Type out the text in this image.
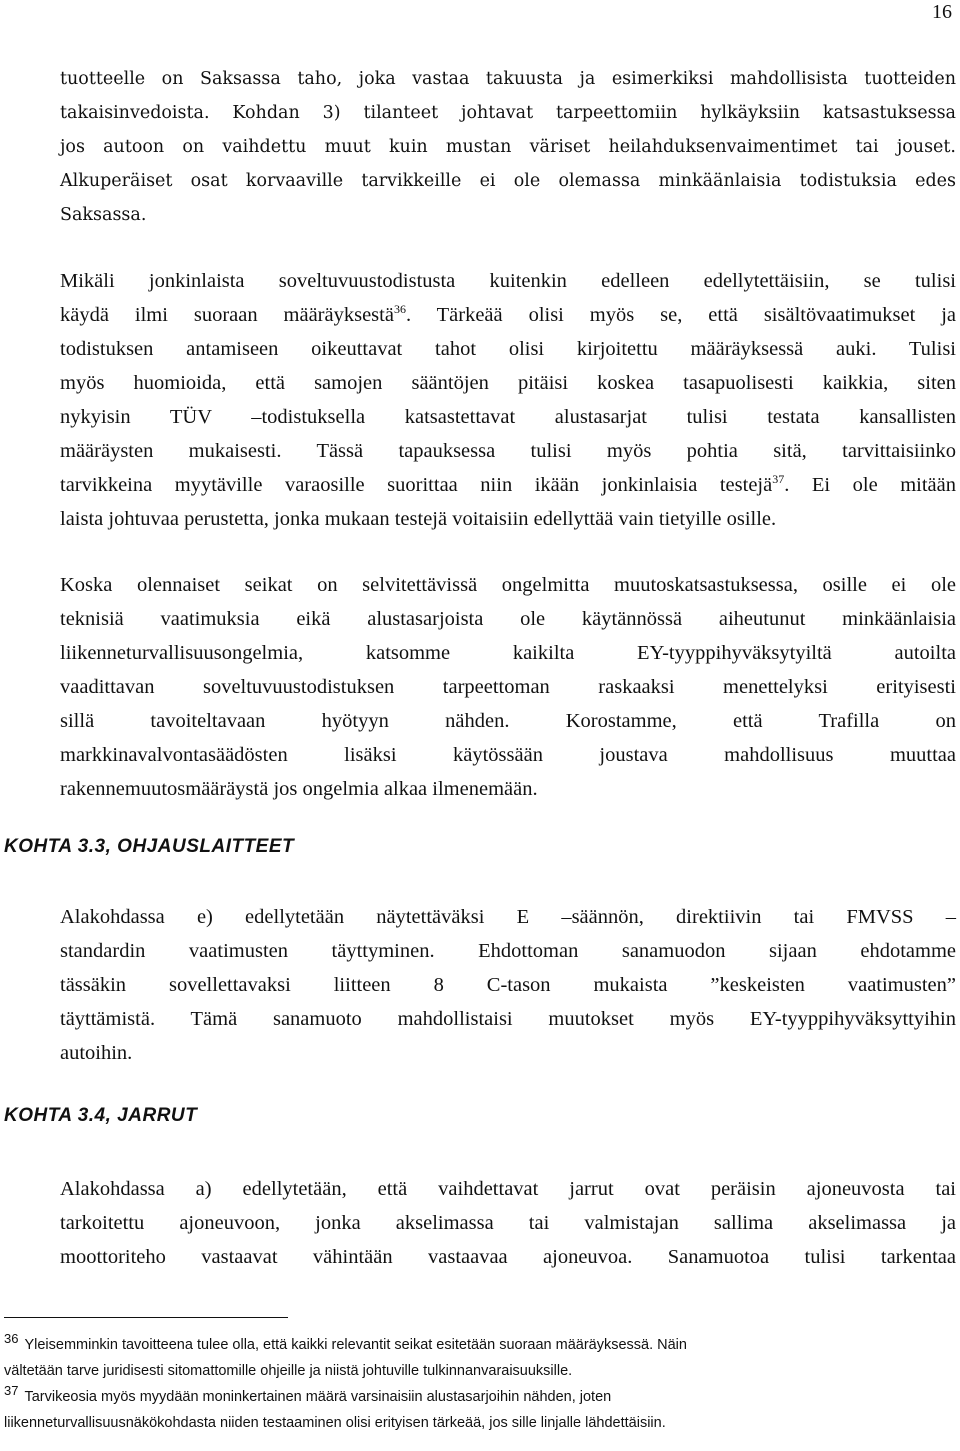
16
tuotteelle on Saksassa taho, joka vastaa takuusta ja esimerkiksi mahdollisista tuotteiden
takaisinvedoista. Kohdan 3) tilanteet johtavat tarpeettomiin hylkäyksiin katsastuksessa
jos autoon on vaihdettu muut kuin mustan väriset heilahduksenvaimentimet tai jouset.
Alkuperäiset osat korvaaville tarvikkeille ei ole olemassa minkäänlaisia todistuksia edes
Saksassa.
Mikäli jonkinlaista soveltuvuustodistusta kuitenkin edelleen edellytettäisiin, se tulisi
käydä ilmi suoraan määräyksestä$^{36}$. Tärkeää olisi myös se, että sisältövaatimukset ja
todistuksen antamiseen oikeuttavat tahot olisi kirjoitettu määräyksessä auki. Tulisi
myös huomioida, että samojen sääntöjen pitäisi koskea tasapuolisesti kaikkia, siten
nykyisin TÜV –todistuksella katsastettavat alustasarjat tulisi testata kansallisten
määräysten mukaisesti. Tässä tapauksessa tulisi myös pohtia sitä, tarvittaisiinko
tarvikkeina myytäville varaosille suorittaa niin ikään jonkinlaisia testejä$^{37}$. Ei ole mitään
laista johtuvaa perustetta, jonka mukaan testejä voitaisiin edellyttää vain tietyille osille.
Koska olennaiset seikat on selvitettävissä ongelmitta muutoskatsastuksessa, osille ei ole
teknisiä vaatimuksia eikä alustasarjoista ole käytännössä aiheutunut minkäänlaisia
liikenneturvallisuusongelmia, katsomme kaikilta EY-tyyppihyväksytyiltä autoilta
vaadittavan soveltuvuustodistuksen tarpeettoman raskaaksi menettelyksi erityisesti
sillä tavoiteltavaan hyötyyn nähden. Korostamme, että Trafilla on
markkinavalvontasäädösten lisäksi käytössään joustava mahdollisuus muuttaa
rakennemuutosmääräystä jos ongelmia alkaa ilmenemään.
KOHTA 3.3, OHJAUSLAITTEET
Alakohdassa e) edellytetään näytettäväksi E –säännön, direktiivin tai FMVSS –
standardin vaatimusten täyttyminen. Ehdottoman sanamuodon sijaan ehdotamme
tässäkin sovellettavaksi liitteen 8 C-tason mukaista ”keskeisten vaatimusten”
täyttämistä. Tämä sanamuoto mahdollistaisi muutokset myös EY-tyyppihyväksyttyihin
autoihin.
KOHTA 3.4, JARRUT
Alakohdassa a) edellytetään, että vaihdettavat jarrut ovat peräisin ajoneuvosta tai
tarkoitettu ajoneuvoon, jonka akselimassa tai valmistajan sallima akselimassa ja
moottoriteho vastaavat vähintään vastaavaa ajoneuvoa. Sanamuotoa tulisi tarkentaa
36 Yleisemminkin tavoitteena tulee olla, että kaikki relevantit seikat esitetään suoraan määräyksessä. Näin
vältetään tarve juridisesti sitomattomille ohjeille ja niistä johtuville tulkinnanvaraisuuksille.
37 Tarvikeosia myös myydään moninkertainen määrä varsinaisiin alustasarjoihin nähden, joten
liikenneturvallisuusnäkökohdasta niiden testaaminen olisi erityisen tärkeää, jos sille linjalle lähdettäisiin.
